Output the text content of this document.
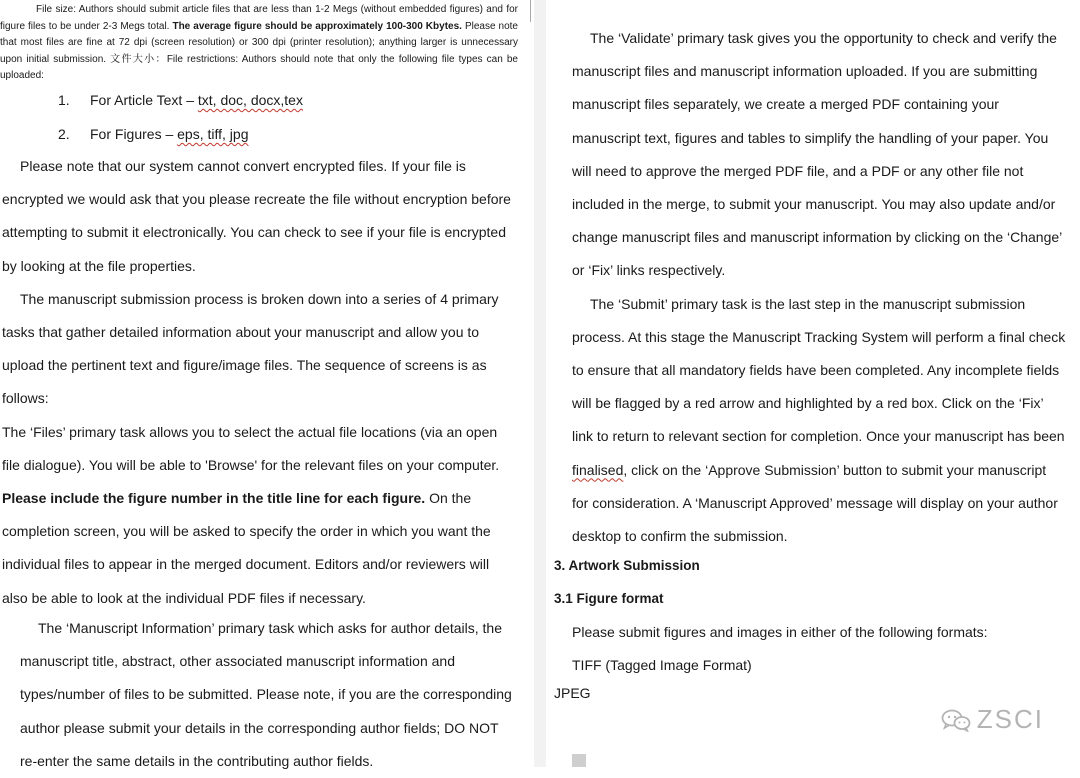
File size: Authors should submit article files that are less than 1-2 Megs (without embedded figures) and for figure files to be under 2-3 Megs total. The average figure should be approximately 100-300 Kbytes. Please note that most files are fine at 72 dpi (screen resolution) or 300 dpi (printer resolution); anything larger is unnecessary upon initial submission. 文件大小：File restrictions: Authors should note that only the following file types can be uploaded:

1. For Article Text – txt, doc, docx,tex
2. For Figures – eps, tiff, jpg

Please note that our system cannot convert encrypted files. If your file is encrypted we would ask that you please recreate the file without encryption before attempting to submit it electronically. You can check to see if your file is encrypted by looking at the file properties.

The manuscript submission process is broken down into a series of 4 primary tasks that gather detailed information about your manuscript and allow you to upload the pertinent text and figure/image files. The sequence of screens is as follows:

The ‘Files’ primary task allows you to select the actual file locations (via an open file dialogue). You will be able to 'Browse' for the relevant files on your computer. Please include the figure number in the title line for each figure. On the completion screen, you will be asked to specify the order in which you want the individual files to appear in the merged document. Editors and/or reviewers will also be able to look at the individual PDF files if necessary.

The ‘Manuscript Information’ primary task which asks for author details, the manuscript title, abstract, other associated manuscript information and types/number of files to be submitted. Please note, if you are the corresponding author please submit your details in the corresponding author fields; DO NOT re-enter the same details in the contributing author fields.

The ‘Validate’ primary task gives you the opportunity to check and verify the manuscript files and manuscript information uploaded. If you are submitting manuscript files separately, we create a merged PDF containing your manuscript text, figures and tables to simplify the handling of your paper. You will need to approve the merged PDF file, and a PDF or any other file not included in the merge, to submit your manuscript. You may also update and/or change manuscript files and manuscript information by clicking on the ‘Change’ or ‘Fix’ links respectively.

The ‘Submit’ primary task is the last step in the manuscript submission process. At this stage the Manuscript Tracking System will perform a final check to ensure that all mandatory fields have been completed. Any incomplete fields will be flagged by a red arrow and highlighted by a red box. Click on the ‘Fix’ link to return to relevant section for completion. Once your manuscript has been finalised, click on the ‘Approve Submission’ button to submit your manuscript for consideration. A ‘Manuscript Approved’ message will display on your author desktop to confirm the submission.

3. Artwork Submission
3.1 Figure format
Please submit figures and images in either of the following formats:
TIFF (Tagged Image Format)
JPEG
ZSCI
